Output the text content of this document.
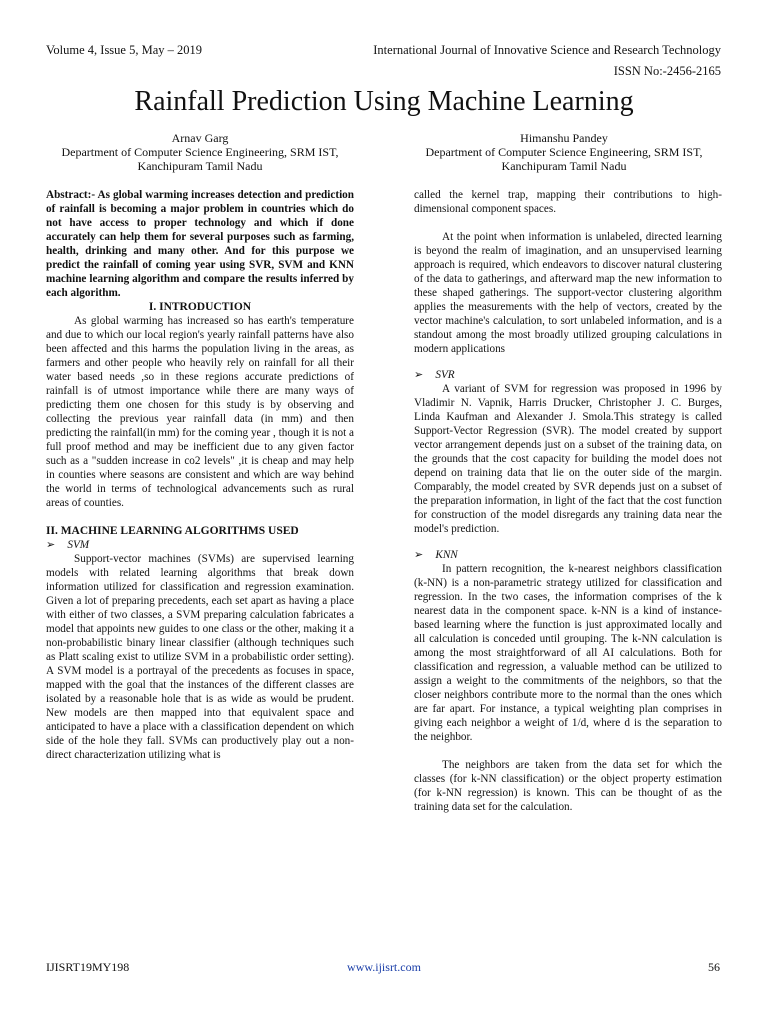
Volume 4, Issue 5, May – 2019	International Journal of Innovative Science and Research Technology
ISSN No:-2456-2165
Rainfall Prediction Using Machine Learning
Arnav Garg
Department of Computer Science Engineering, SRM IST,
Kanchipuram Tamil Nadu
Himanshu Pandey
Department of Computer Science Engineering, SRM IST,
Kanchipuram Tamil Nadu

Abstract:- As global warming increases detection and prediction of rainfall is becoming a major problem in countries which do not have access to proper technology and which if done accurately can help them for several purposes such as farming, health, drinking and many other. And for this purpose we predict the rainfall of coming year using SVR, SVM and KNN machine learning algorithm and compare the results inferred by each algorithm.

I. INTRODUCTION

As global warming has increased so has earth's temperature and due to which our local region's yearly rainfall patterns have also been affected and this harms the population living in the areas, as farmers and other people who heavily rely on rainfall for all their water based needs ,so in these regions accurate predictions of rainfall is of utmost importance while there are many ways of predicting them one chosen for this study is by observing and collecting the previous year rainfall data (in mm) and then predicting the rainfall(in mm) for the coming year , though it is not a full proof method and may be inefficient due to any given factor such as a "sudden increase in co2 levels" ,it is cheap and may help in counties where seasons are consistent and which are way behind the world in terms of technological advancements such as rural areas of counties.

II. MACHINE LEARNING ALGORITHMS USED

➢ SVM

Support-vector machines (SVMs) are supervised learning models with related learning algorithms that break down information utilized for classification and regression examination. Given a lot of preparing precedents, each set apart as having a place with either of two classes, a SVM preparing calculation fabricates a model that appoints new guides to one class or the other, making it a non-probabilistic binary linear classifier (although techniques such as Platt scaling exist to utilize SVM in a probabilistic order setting). A SVM model is a portrayal of the precedents as focuses in space, mapped with the goal that the instances of the different classes are isolated by a reasonable hole that is as wide as would be prudent. New models are then mapped into that equivalent space and anticipated to have a place with a classification dependent on which side of the hole they fall. SVMs can productively play out a non-direct characterization utilizing what is

called the kernel trap, mapping their contributions to high-dimensional component spaces.

At the point when information is unlabeled, directed learning is beyond the realm of imagination, and an unsupervised learning approach is required, which endeavors to discover natural clustering of the data to gatherings, and afterward map the new information to these shaped gatherings. The support-vector clustering algorithm applies the measurements with the help of vectors, created by the vector machine's calculation, to sort unlabeled information, and is a standout among the most broadly utilized grouping calculations in modern applications

➢ SVR

A variant of SVM for regression was proposed in 1996 by Vladimir N. Vapnik, Harris Drucker, Christopher J. C. Burges, Linda Kaufman and Alexander J. Smola.This strategy is called Support-Vector Regression (SVR). The model created by support vector arrangement depends just on a subset of the training data, on the grounds that the cost capacity for building the model does not depend on training data that lie on the outer side of the margin. Comparably, the model created by SVR depends just on a subset of the preparation information, in light of the fact that the cost function for construction of the model disregards any training data near the model's prediction.

➢ KNN

In pattern recognition, the k-nearest neighbors classification (k-NN) is a non-parametric strategy utilized for classification and regression. In the two cases, the information comprises of the k nearest data in the component space. k-NN is a kind of instance-based learning where the function is just approximated locally and all calculation is conceded until grouping. The k-NN calculation is among the most straightforward of all AI calculations. Both for classification and regression, a valuable method can be utilized to assign a weight to the commitments of the neighbors, so that the closer neighbors contribute more to the normal than the ones which are far apart. For instance, a typical weighting plan comprises in giving each neighbor a weight of 1/d, where d is the separation to the neighbor.

The neighbors are taken from the data set for which the classes (for k-NN classification) or the object property estimation (for k-NN regression) is known. This can be thought of as the training data set for the calculation.

IJISRT19MY198	www.ijisrt.com	56
